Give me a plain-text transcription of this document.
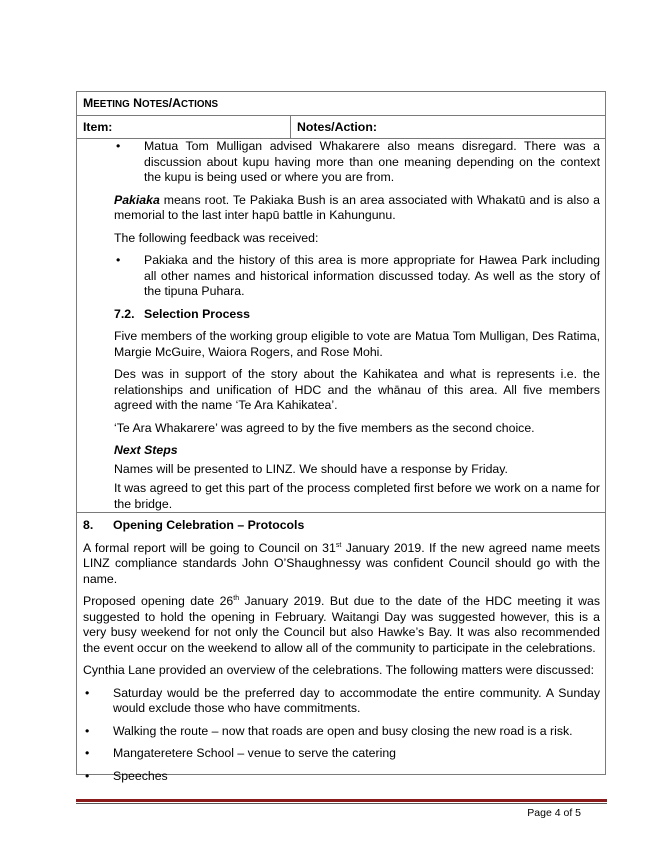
MEETING NOTES/ACTIONS
Item:	Notes/Action:
• Matua Tom Mulligan advised Whakarere also means disregard. There was a discussion about kupu having more than one meaning depending on the context the kupu is being used or where you are from.

Pakiaka means root. Te Pakiaka Bush is an area associated with Whakatū and is also a memorial to the last inter hapū battle in Kahungunu.

The following feedback was received:

• Pakiaka and the history of this area is more appropriate for Hawea Park including all other names and historical information discussed today. As well as the story of the tipuna Puhara.

7.2. Selection Process

Five members of the working group eligible to vote are Matua Tom Mulligan, Des Ratima, Margie McGuire, Waiora Rogers, and Rose Mohi.

Des was in support of the story about the Kahikatea and what is represents i.e. the relationships and unification of HDC and the whānau of this area. All five members agreed with the name ‘Te Ara Kahikatea’.

‘Te Ara Whakarere’ was agreed to by the five members as the second choice.

Next Steps

Names will be presented to LINZ. We should have a response by Friday.

It was agreed to get this part of the process completed first before we work on a name for the bridge.

8. Opening Celebration – Protocols

A formal report will be going to Council on 31st January 2019. If the new agreed name meets LINZ compliance standards John O’Shaughnessy was confident Council should go with the name.

Proposed opening date 26th January 2019. But due to the date of the HDC meeting it was suggested to hold the opening in February. Waitangi Day was suggested however, this is a very busy weekend for not only the Council but also Hawke’s Bay. It was also recommended the event occur on the weekend to allow all of the community to participate in the celebrations.

Cynthia Lane provided an overview of the celebrations. The following matters were discussed:

• Saturday would be the preferred day to accommodate the entire community. A Sunday would exclude those who have commitments.

• Walking the route – now that roads are open and busy closing the new road is a risk.

• Mangateretere School – venue to serve the catering

• Speeches

Page 4 of 5
